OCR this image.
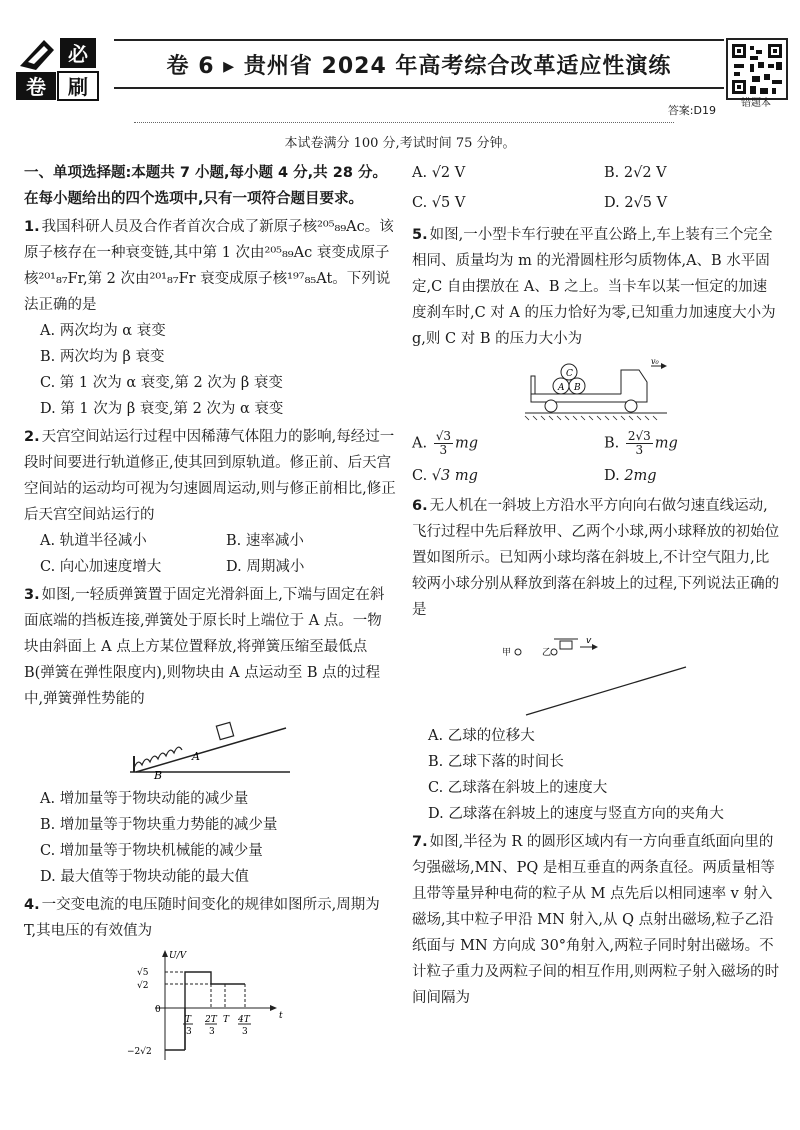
必
卷 刷
卷 6 ▸ 贵州省 2024 年高考综合改革适应性演练
错题本
答案:D19
本试卷满分 100 分,考试时间 75 分钟。

一、单项选择题:本题共 7 小题,每小题 4 分,共 28 分。在每小题给出的四个选项中,只有一项符合题目要求。

1. 我国科研人员及合作者首次合成了新原子核²⁰⁵₈₉Ac。该原子核存在一种衰变链,其中第 1 次由²⁰⁵₈₉Ac 衰变成原子核²⁰¹₈₇Fr,第 2 次由²⁰¹₈₇Fr 衰变成原子核¹⁹⁷₈₅At。下列说法正确的是

A. 两次均为 α 衰变

B. 两次均为 β 衰变

C. 第 1 次为 α 衰变,第 2 次为 β 衰变

D. 第 1 次为 β 衰变,第 2 次为 α 衰变

2. 天宫空间站运行过程中因稀薄气体阻力的影响,每经过一段时间要进行轨道修正,使其回到原轨道。修正前、后天宫空间站的运动均可视为匀速圆周运动,则与修正前相比,修正后天宫空间站运行的

A. 轨道半径减小	B. 速率减小
C. 向心加速度增大	D. 周期减小

3. 如图,一轻质弹簧置于固定光滑斜面上,下端与固定在斜面底端的挡板连接,弹簧处于原长时上端位于 A 点。一物块由斜面上 A 点上方某位置释放,将弹簧压缩至最低点 B(弹簧在弹性限度内),则物块由 A 点运动至 B 点的过程中,弹簧弹性势能的

A
B

A. 增加量等于物块动能的减少量

B. 增加量等于物块重力势能的减少量

C. 增加量等于物块机械能的减少量

D. 最大值等于物块动能的最大值

4. 一交变电流的电压随时间变化的规律如图所示,周期为 T,其电压的有效值为

U/V
t
0
√5
√2
−2√2
T
3
2T
3
T 4T
3
A. √2 V	B. 2√2 V
C. √5 V	D. 2√5 V

5. 如图,一小型卡车行驶在平直公路上,车上装有三个完全相同、质量均为 m 的光滑圆柱形匀质物体,A、B 水平固定,C 自由摆放在 A、B 之上。当卡车以某一恒定的加速度刹车时,C 对 A 的压力恰好为零,已知重力加速度大小为 g,则 C 对 B 的压力大小为

C
A B
v₀
A. $\frac{√3}{3}$ mg	B. $\frac{2√3}{3}$ mg
C. √3 mg	D. 2mg

6. 无人机在一斜坡上方沿水平方向向右做匀速直线运动,飞行过程中先后释放甲、乙两个小球,两小球释放的初始位置如图所示。已知两小球均落在斜坡上,不计空气阻力,比较两小球分别从释放到落在斜坡上的过程,下列说法正确的是

甲	乙
v

A. 乙球的位移大

B. 乙球下落的时间长

C. 乙球落在斜坡上的速度大

D. 乙球落在斜坡上的速度与竖直方向的夹角大

7. 如图,半径为 R 的圆形区域内有一方向垂直纸面向里的匀强磁场,MN、PQ 是相互垂直的两条直径。两质量相等且带等量异种电荷的粒子从 M 点先后以相同速率 v 射入磁场,其中粒子甲沿 MN 射入,从 Q 点射出磁场,粒子乙沿纸面与 MN 方向成 30°角射入,两粒子同时射出磁场。不计粒子重力及两粒子间的相互作用,则两粒子射入磁场的时间间隔为
